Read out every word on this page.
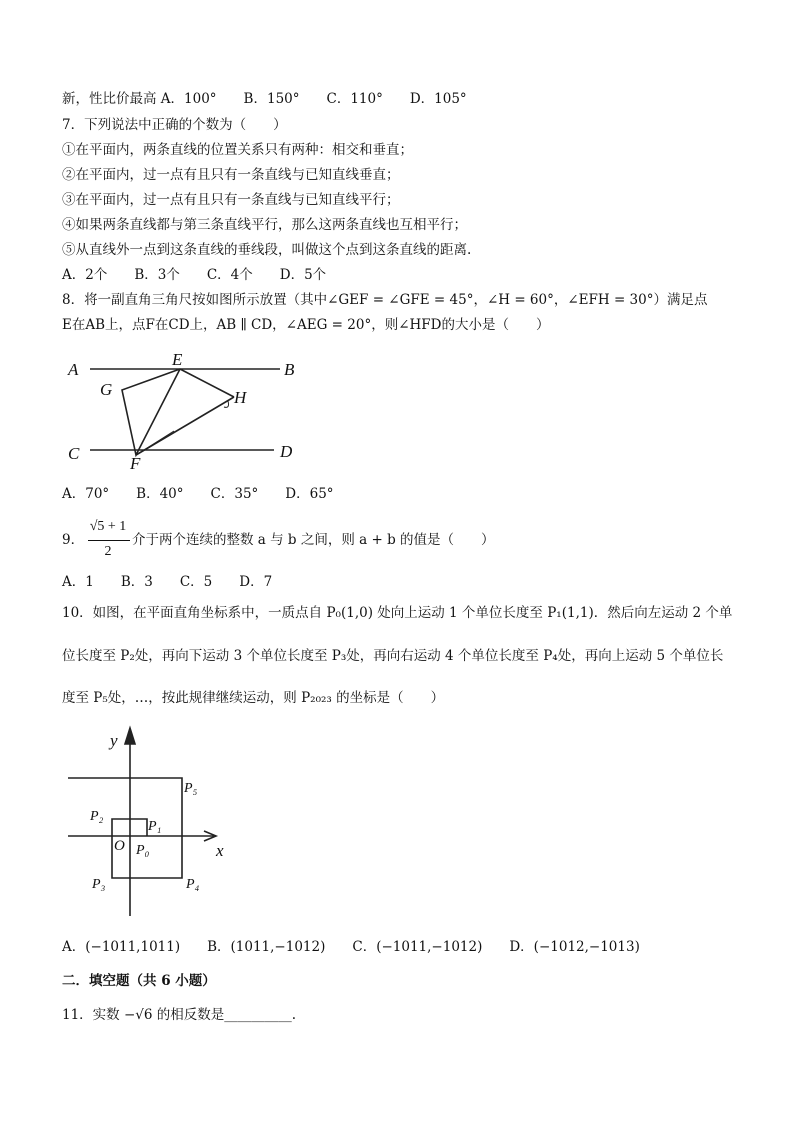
新，性比价最高 A．100°　　B．150°　　C．110°　　D．105°
7．下列说法中正确的个数为（　　）
①在平面内，两条直线的位置关系只有两种：相交和垂直；
②在平面内，过一点有且只有一条直线与已知直线垂直；
③在平面内，过一点有且只有一条直线与已知直线平行；
④如果两条直线都与第三条直线平行，那么这两条直线也互相平行；
⑤从直线外一点到这条直线的垂线段，叫做这个点到这条直线的距离.
A．2个　　B．3个　　C．4个　　D．5个
8．将一副直角三角尺按如图所示放置（其中∠GEF = ∠GFE = 45°，∠H = 60°，∠EFH = 30°）满足点
E在AB上，点F在CD上，AB ∥ CD，∠AEG = 20°，则∠HFD的大小是（　　）
A
E
B
G	H
C
F
D
A．70°　　B．40°　　C．35°　　D．65°
9．
√5 + 1
2
介于两个连续的整数 a 与 b 之间，则 a + b 的值是（　　）
A．1　　B．3　　C．5　　D．7
10．如图，在平面直角坐标系中，一质点自 P₀(1,0) 处向上运动 1 个单位长度至 P₁(1,1)．然后向左运动 2 个单
位长度至 P₂处，再向下运动 3 个单位长度至 P₃处，再向右运动 4 个单位长度至 P₄处，再向上运动 5 个单位长
度至 P₅处，…，按此规律继续运动，则 P₂₀₂₃ 的坐标是（　　）
y
x
O P₀
P₁
P₂
P₃	P₄
P₅
A．(−1011,1011)　　B．(1011,−1012)　　C．(−1011,−1012)　　D．(−1012,−1013)
二．填空题（共 6 小题）
11．实数 −√6 的相反数是__________.
